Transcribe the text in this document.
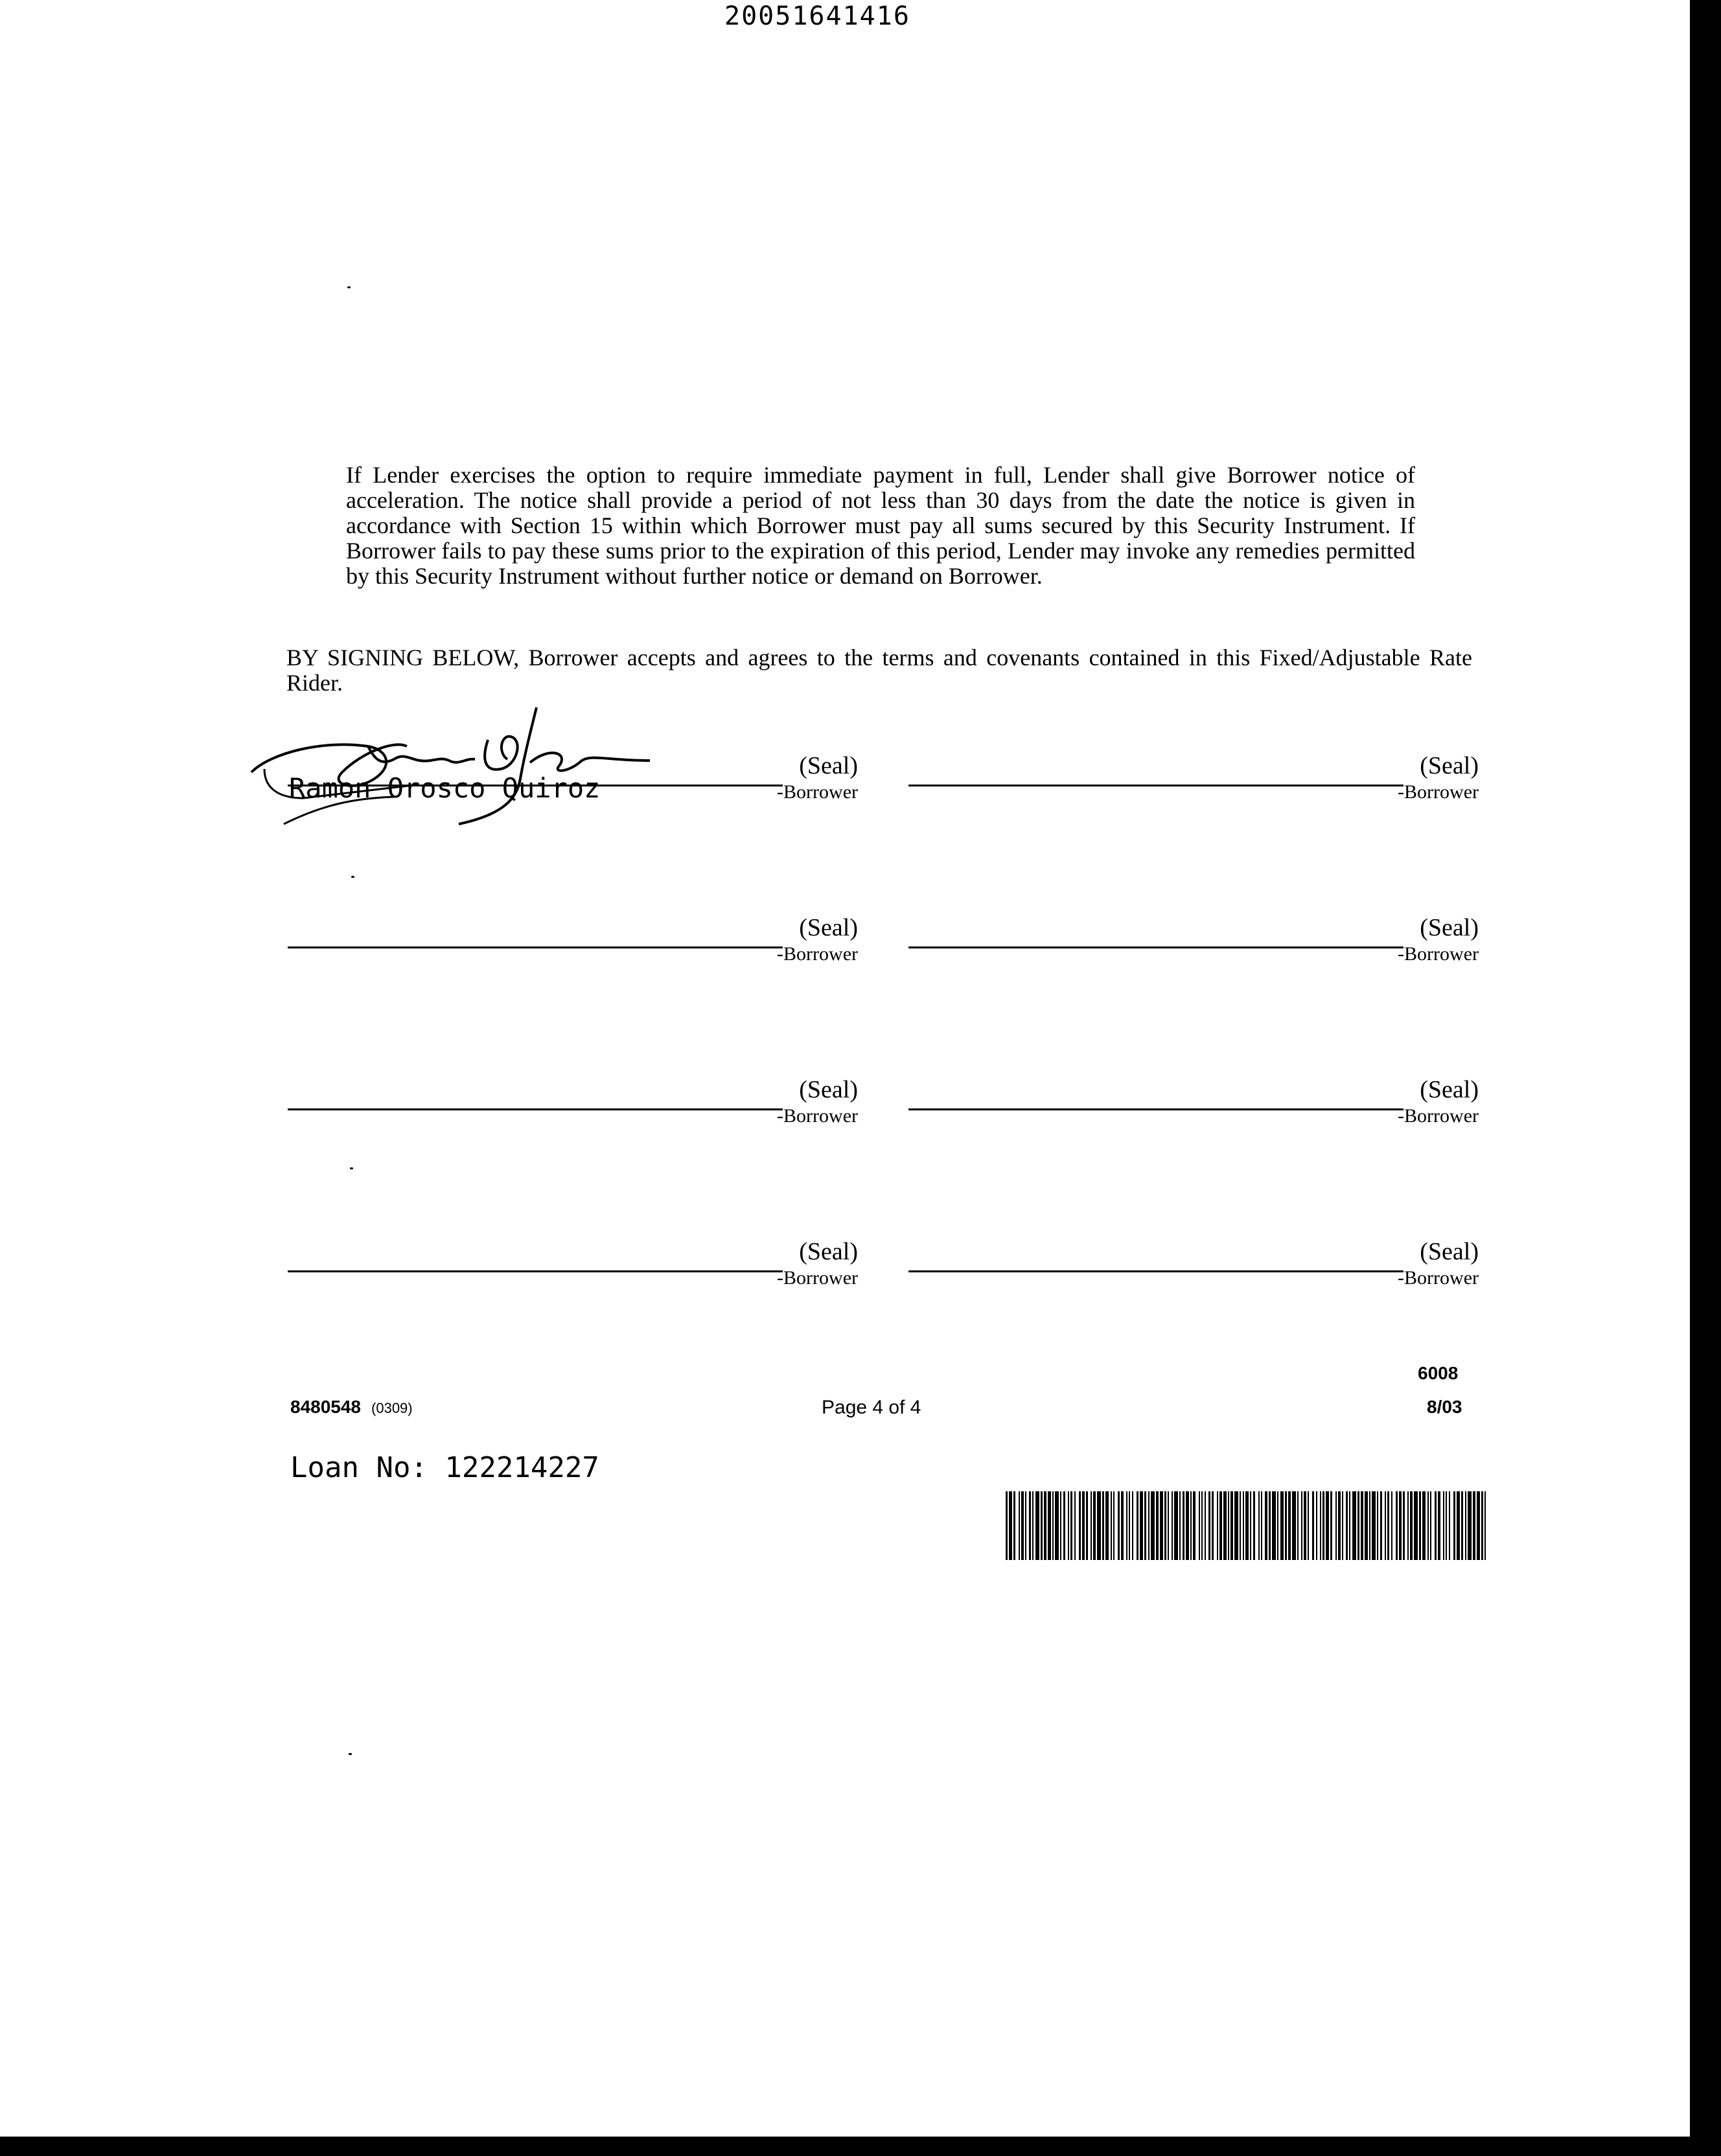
20051641416

If Lender exercises the option to require immediate payment in full, Lender shall give Borrower notice of acceleration. The notice shall provide a period of not less than 30 days from the date the notice is given in accordance with Section 15 within which Borrower must pay all sums secured by this Security Instrument. If Borrower fails to pay these sums prior to the expiration of this period, Lender may invoke any remedies permitted by this Security Instrument without further notice or demand on Borrower.

BY SIGNING BELOW, Borrower accepts and agrees to the terms and covenants contained in this Fixed/Adjustable Rate Rider.

(Seal)
-Borrower
(Seal)
-Borrower
Ramon Orosco Quiroz
(Seal)
-Borrower
(Seal)
-Borrower
(Seal)
-Borrower
(Seal)
-Borrower
(Seal)
-Borrower
(Seal)
-Borrower
8480548 (0309)	Page 4 of 4
6008
8/03
Loan No: 122214227
